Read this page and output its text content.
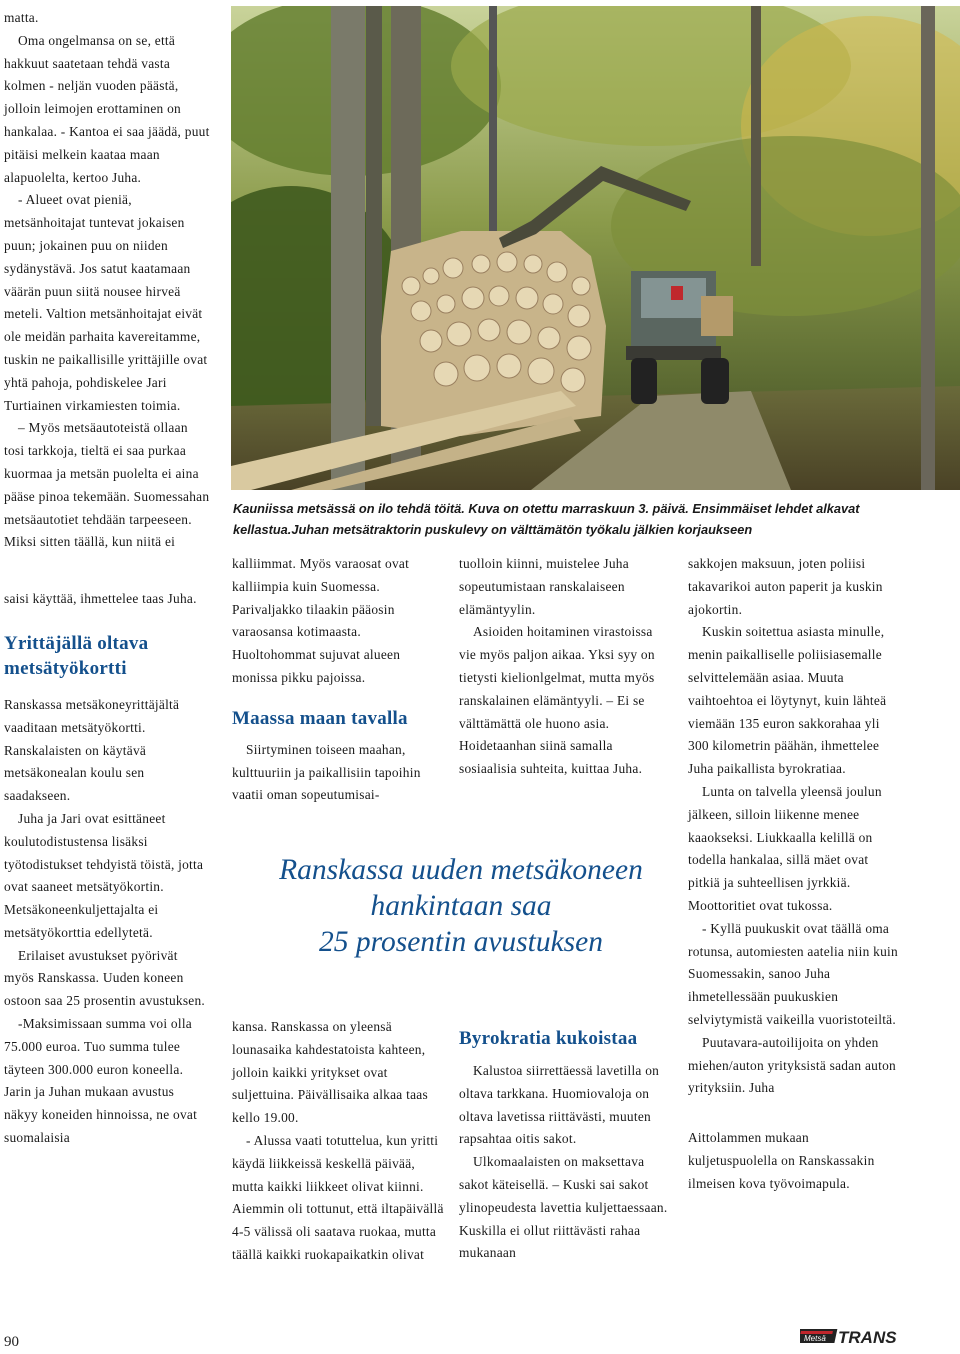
matta.

Oma ongelmansa on se, että hakkuut saatetaan tehdä vasta kolmen - neljän vuoden päästä, jolloin leimojen erottaminen on hankalaa. - Kantoa ei saa jäädä, puut pitäisi melkein kaataa maan alapuolelta, kertoo Juha.

- Alueet ovat pieniä, metsänhoitajat tuntevat jokaisen puun; jokainen puu on niiden sydänystävä. Jos satut kaatamaan väärän puun siitä nousee hirveä meteli. Valtion metsänhoitajat eivät ole meidän parhaita kavereitamme, tuskin ne paikallisille yrittäjille ovat yhtä pahoja, pohdiskelee Jari Turtiainen virkamiesten toimia.

– Myös metsäautoteistä ollaan tosi tarkkoja, tieltä ei saa purkaa kuormaa ja metsän puolelta ei aina pääse pinoa tekemään. Suomessahan metsäautotiet tehdään tarpeeseen. Miksi sitten täällä, kun niitä ei

saisi käyttää, ihmettelee taas Juha.

Yrittäjällä oltava metsätyökortti

Ranskassa metsäkoneyrittäjältä vaaditaan metsätyökortti. Ranskalaisten on käytävä metsäkonealan koulu sen saadakseen.

Juha ja Jari ovat esittäneet koulutodistustensa lisäksi työtodistukset tehdyistä töistä, jotta ovat saaneet metsätyökortin. Metsäkoneenkuljettajalta ei metsätyökorttia edellytetä.

Erilaiset avustukset pyörivät myös Ranskassa. Uuden koneen ostoon saa 25 prosentin avustuksen.

-Maksimissaan summa voi olla 75.000 euroa. Tuo summa tulee täyteen 300.000 euron koneella. Jarin ja Juhan mukaan avustus näkyy koneiden hinnoissa, ne ovat suomalaisia

Kauniissa metsässä on ilo tehdä töitä. Kuva on otettu marraskuun 3. päivä. Ensimmäiset lehdet alkavat kellastua.Juhan metsätraktorin puskulevy on välttämätön työkalu jälkien korjaukseen

kalliimmat. Myös varaosat ovat kalliimpia kuin Suomessa. Parivaljakko tilaakin pääosin varaosansa kotimaasta. Huoltohommat sujuvat alueen monissa pikku pajoissa.

Maassa maan tavalla

Siirtyminen toiseen maahan, kulttuuriin ja paikallisiin tapoihin vaatii oman sopeutumisai-

tuolloin kiinni, muistelee Juha sopeutumistaan ranskalaiseen elämäntyylin.

Asioiden hoitaminen virastoissa vie myös paljon aikaa. Yksi syy on tietysti kielionlgelmat, mutta myös ranskalainen elämäntyyli. – Ei se välttämättä ole huono asia. Hoidetaanhan siinä samalla sosiaalisia suhteita, kuittaa Juha.

Ranskassa uuden metsäkoneen
hankintaan saa
25 prosentin avustuksen

kansa. Ranskassa on yleensä lounasaika kahdestatoista kahteen, jolloin kaikki yritykset ovat suljettuina. Päivällisaika alkaa taas kello 19.00.

- Alussa vaati totuttelua, kun yritti käydä liikkeissä keskellä päivää, mutta kaikki liikkeet olivat kiinni. Aiemmin oli tottunut, että iltapäivällä 4-5 välissä oli saatava ruokaa, mutta täällä kaikki ruokapaikatkin olivat

Byrokratia kukoistaa

Kalustoa siirrettäessä lavetilla on oltava tarkkana. Huomiovaloja on oltava lavetissa riittävästi, muuten rapsahtaa oitis sakot.

Ulkomaalaisten on maksettava sakot käteisellä. – Kuski sai sakot ylinopeudesta lavettia kuljettaessaan. Kuskilla ei ollut riittävästi rahaa mukanaan

sakkojen maksuun, joten poliisi takavarikoi auton paperit ja kuskin ajokortin.

Kuskin soitettua asiasta minulle, menin paikalliselle poliisiasemalle selvittelemään asiaa. Muuta vaihtoehtoa ei löytynyt, kuin lähteä viemään 135 euron sakkorahaa yli 300 kilometrin päähän, ihmettelee Juha paikallista byrokratiaa.

Lunta on talvella yleensä joulun jälkeen, silloin liikenne menee kaaokseksi. Liukkaalla kelillä on todella hankalaa, sillä mäet ovat pitkiä ja suhteellisen jyrkkiä. Moottoritiet ovat tukossa.

- Kyllä puukuskit ovat täällä oma rotunsa, automiesten aatelia niin kuin Suomessakin, sanoo Juha ihmetellessään puukuskien selviytymistä vaikeilla vuoristoteiltä.

Puutavara-autoilijoita on yhden miehen/auton yrityksistä sadan auton yrityksiin. Juha

Aittolammen mukaan kuljetuspuolella on Ranskassakin ilmeisen kova työvoimapula.

90	Metsä TRANS
